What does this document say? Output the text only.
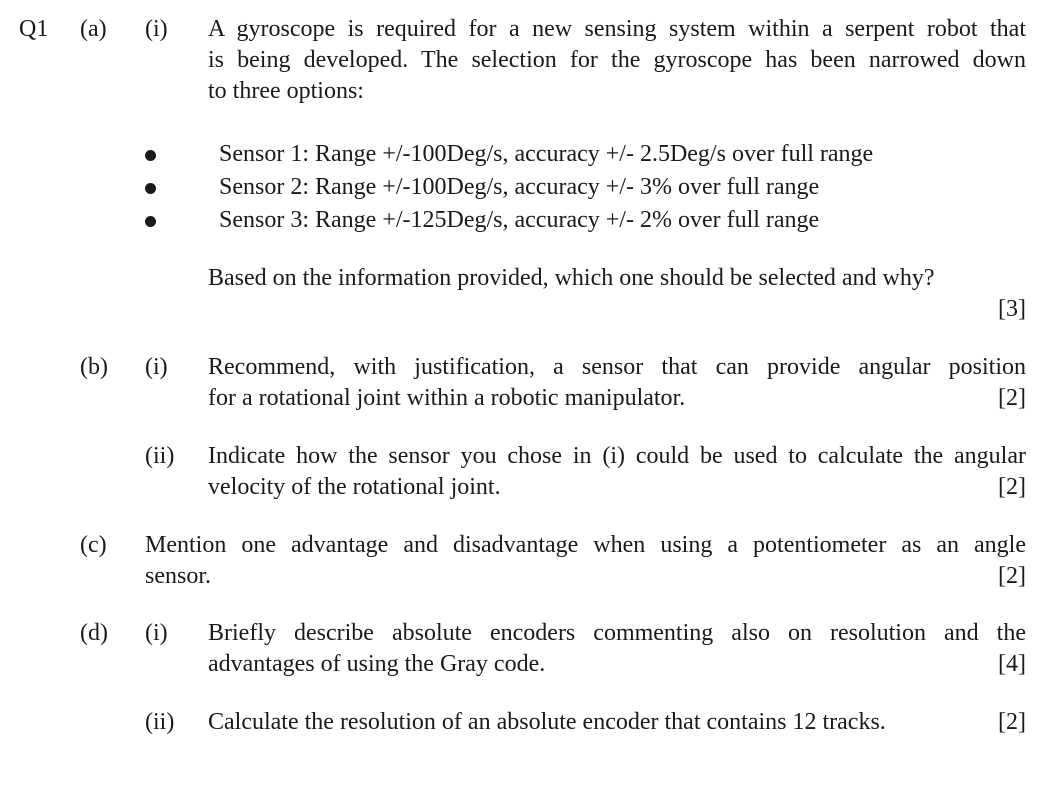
Q1 (a) (i) A gyroscope is required for a new sensing system within a serpent robot that
is being developed. The selection for the gyroscope has been narrowed down
to three options:
Sensor 1: Range +/-100Deg/s, accuracy +/- 2.5Deg/s over full range
Sensor 2: Range +/-100Deg/s, accuracy +/- 3% over full range
Sensor 3: Range +/-125Deg/s, accuracy +/- 2% over full range
Based on the information provided, which one should be selected and why?
[3]
(b) (i) Recommend, with justification, a sensor that can provide angular position
for a rotational joint within a robotic manipulator.	[2]
(ii) Indicate how the sensor you chose in (i) could be used to calculate the angular
velocity of the rotational joint.	[2]
(c) Mention one advantage and disadvantage when using a potentiometer as an angle
sensor.	[2]
(d) (i) Briefly describe absolute encoders commenting also on resolution and the
advantages of using the Gray code.	[4]
(ii) Calculate the resolution of an absolute encoder that contains 12 tracks.	[2]
